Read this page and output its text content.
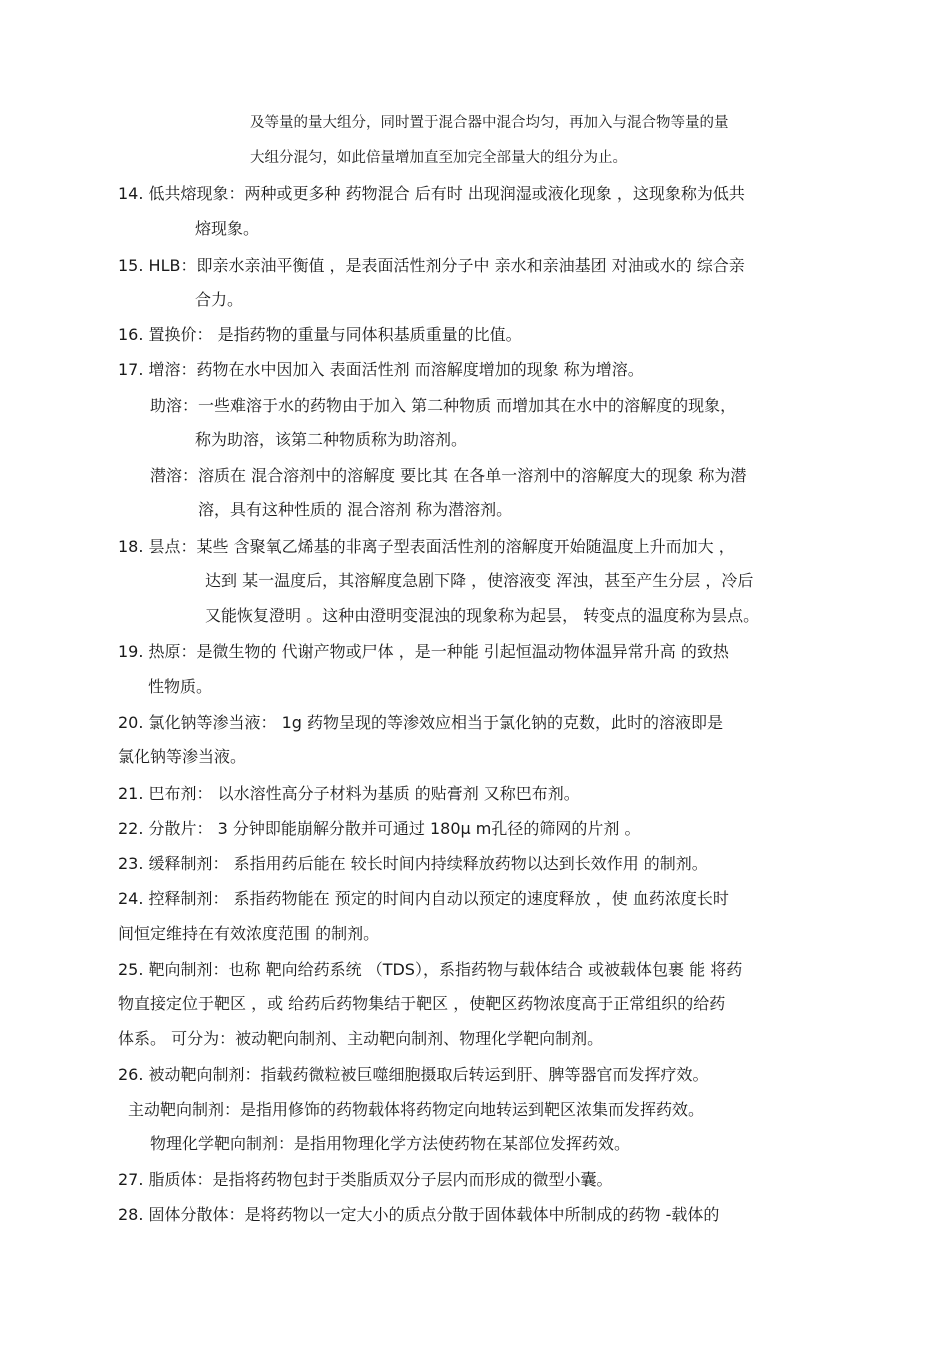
及等量的量大组分，同时置于混合器中混合均匀，再加入与混合物等量的量
大组分混匀，如此倍量增加直至加完全部量大的组分为止。
14. 低共熔现象：两种或更多种 药物混合 后有时 出现润湿或液化现象 ，这现象称为低共
熔现象。
15. HLB：即亲水亲油平衡值 ，是表面活性剂分子中 亲水和亲油基团 对油或水的 综合亲
合力。
16. 置换价： 是指药物的重量与同体积基质重量的比值。
17. 增溶：药物在水中因加入 表面活性剂 而溶解度增加的现象 称为增溶。
助溶：一些难溶于水的药物由于加入 第二种物质 而增加其在水中的溶解度的现象，
称为助溶，该第二种物质称为助溶剂。
潜溶：溶质在 混合溶剂中的溶解度 要比其 在各单一溶剂中的溶解度大的现象 称为潜
溶，具有这种性质的 混合溶剂 称为潜溶剂。
18. 昙点：某些 含聚氧乙烯基的非离子型表面活性剂的溶解度开始随温度上升而加大 ，
达到 某一温度后，其溶解度急剧下降 ，使溶液变 浑浊，甚至产生分层 ，冷后
又能恢复澄明 。这种由澄明变混浊的现象称为起昙， 转变点的温度称为昙点。
19. 热原：是微生物的 代谢产物或尸体 ，是一种能 引起恒温动物体温异常升高 的致热
性物质。
20. 氯化钠等渗当液： 1g 药物呈现的等渗效应相当于氯化钠的克数，此时的溶液即是
氯化钠等渗当液。
21. 巴布剂： 以水溶性高分子材料为基质 的贴膏剂 又称巴布剂。
22. 分散片： 3 分钟即能崩解分散并可通过 180μ m孔径的筛网的片剂 。
23. 缓释制剂： 系指用药后能在 较长时间内持续释放药物以达到长效作用 的制剂。
24. 控释制剂： 系指药物能在 预定的时间内自动以预定的速度释放 ，使 血药浓度长时
间恒定维持在有效浓度范围 的制剂。
25. 靶向制剂：也称 靶向给药系统 （TDS），系指药物与载体结合 或被载体包裹 能 将药
物直接定位于靶区 ，或 给药后药物集结于靶区 ，使靶区药物浓度高于正常组织的给药
体系。 可分为：被动靶向制剂、主动靶向制剂、物理化学靶向制剂。
26. 被动靶向制剂：指载药微粒被巨噬细胞摄取后转运到肝、脾等器官而发挥疗效。
主动靶向制剂：是指用修饰的药物载体将药物定向地转运到靶区浓集而发挥药效。
物理化学靶向制剂：是指用物理化学方法使药物在某部位发挥药效。
27. 脂质体：是指将药物包封于类脂质双分子层内而形成的微型小囊。
28. 固体分散体：是将药物以一定大小的质点分散于固体载体中所制成的药物 -载体的
